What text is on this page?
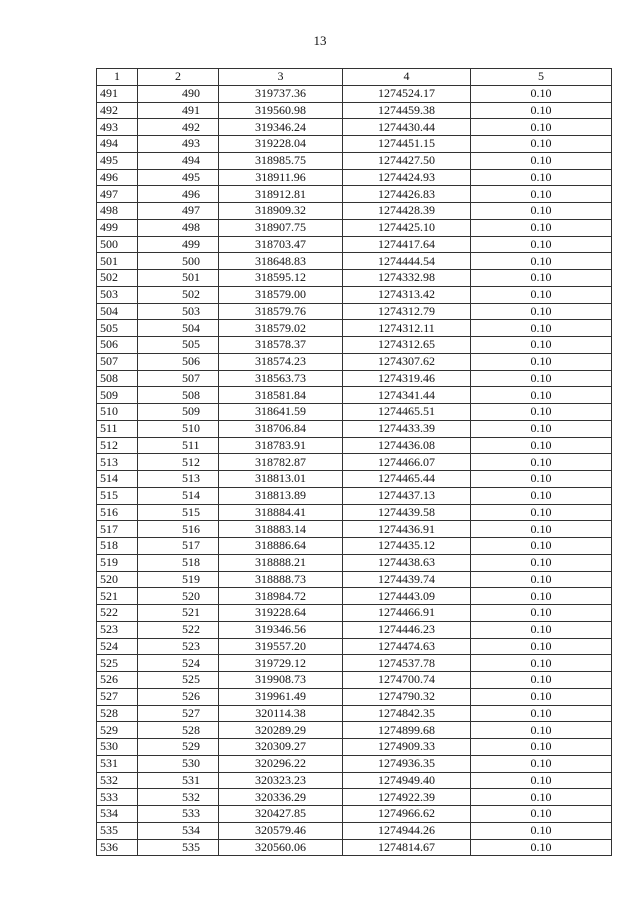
13
1	2	3	4	5
491	490	319737.36	1274524.17	0.10
492	491	319560.98	1274459.38	0.10
493	492	319346.24	1274430.44	0.10
494	493	319228.04	1274451.15	0.10
495	494	318985.75	1274427.50	0.10
496	495	318911.96	1274424.93	0.10
497	496	318912.81	1274426.83	0.10
498	497	318909.32	1274428.39	0.10
499	498	318907.75	1274425.10	0.10
500	499	318703.47	1274417.64	0.10
501	500	318648.83	1274444.54	0.10
502	501	318595.12	1274332.98	0.10
503	502	318579.00	1274313.42	0.10
504	503	318579.76	1274312.79	0.10
505	504	318579.02	1274312.11	0.10
506	505	318578.37	1274312.65	0.10
507	506	318574.23	1274307.62	0.10
508	507	318563.73	1274319.46	0.10
509	508	318581.84	1274341.44	0.10
510	509	318641.59	1274465.51	0.10
511	510	318706.84	1274433.39	0.10
512	511	318783.91	1274436.08	0.10
513	512	318782.87	1274466.07	0.10
514	513	318813.01	1274465.44	0.10
515	514	318813.89	1274437.13	0.10
516	515	318884.41	1274439.58	0.10
517	516	318883.14	1274436.91	0.10
518	517	318886.64	1274435.12	0.10
519	518	318888.21	1274438.63	0.10
520	519	318888.73	1274439.74	0.10
521	520	318984.72	1274443.09	0.10
522	521	319228.64	1274466.91	0.10
523	522	319346.56	1274446.23	0.10
524	523	319557.20	1274474.63	0.10
525	524	319729.12	1274537.78	0.10
526	525	319908.73	1274700.74	0.10
527	526	319961.49	1274790.32	0.10
528	527	320114.38	1274842.35	0.10
529	528	320289.29	1274899.68	0.10
530	529	320309.27	1274909.33	0.10
531	530	320296.22	1274936.35	0.10
532	531	320323.23	1274949.40	0.10
533	532	320336.29	1274922.39	0.10
534	533	320427.85	1274966.62	0.10
535	534	320579.46	1274944.26	0.10
536	535	320560.06	1274814.67	0.10
